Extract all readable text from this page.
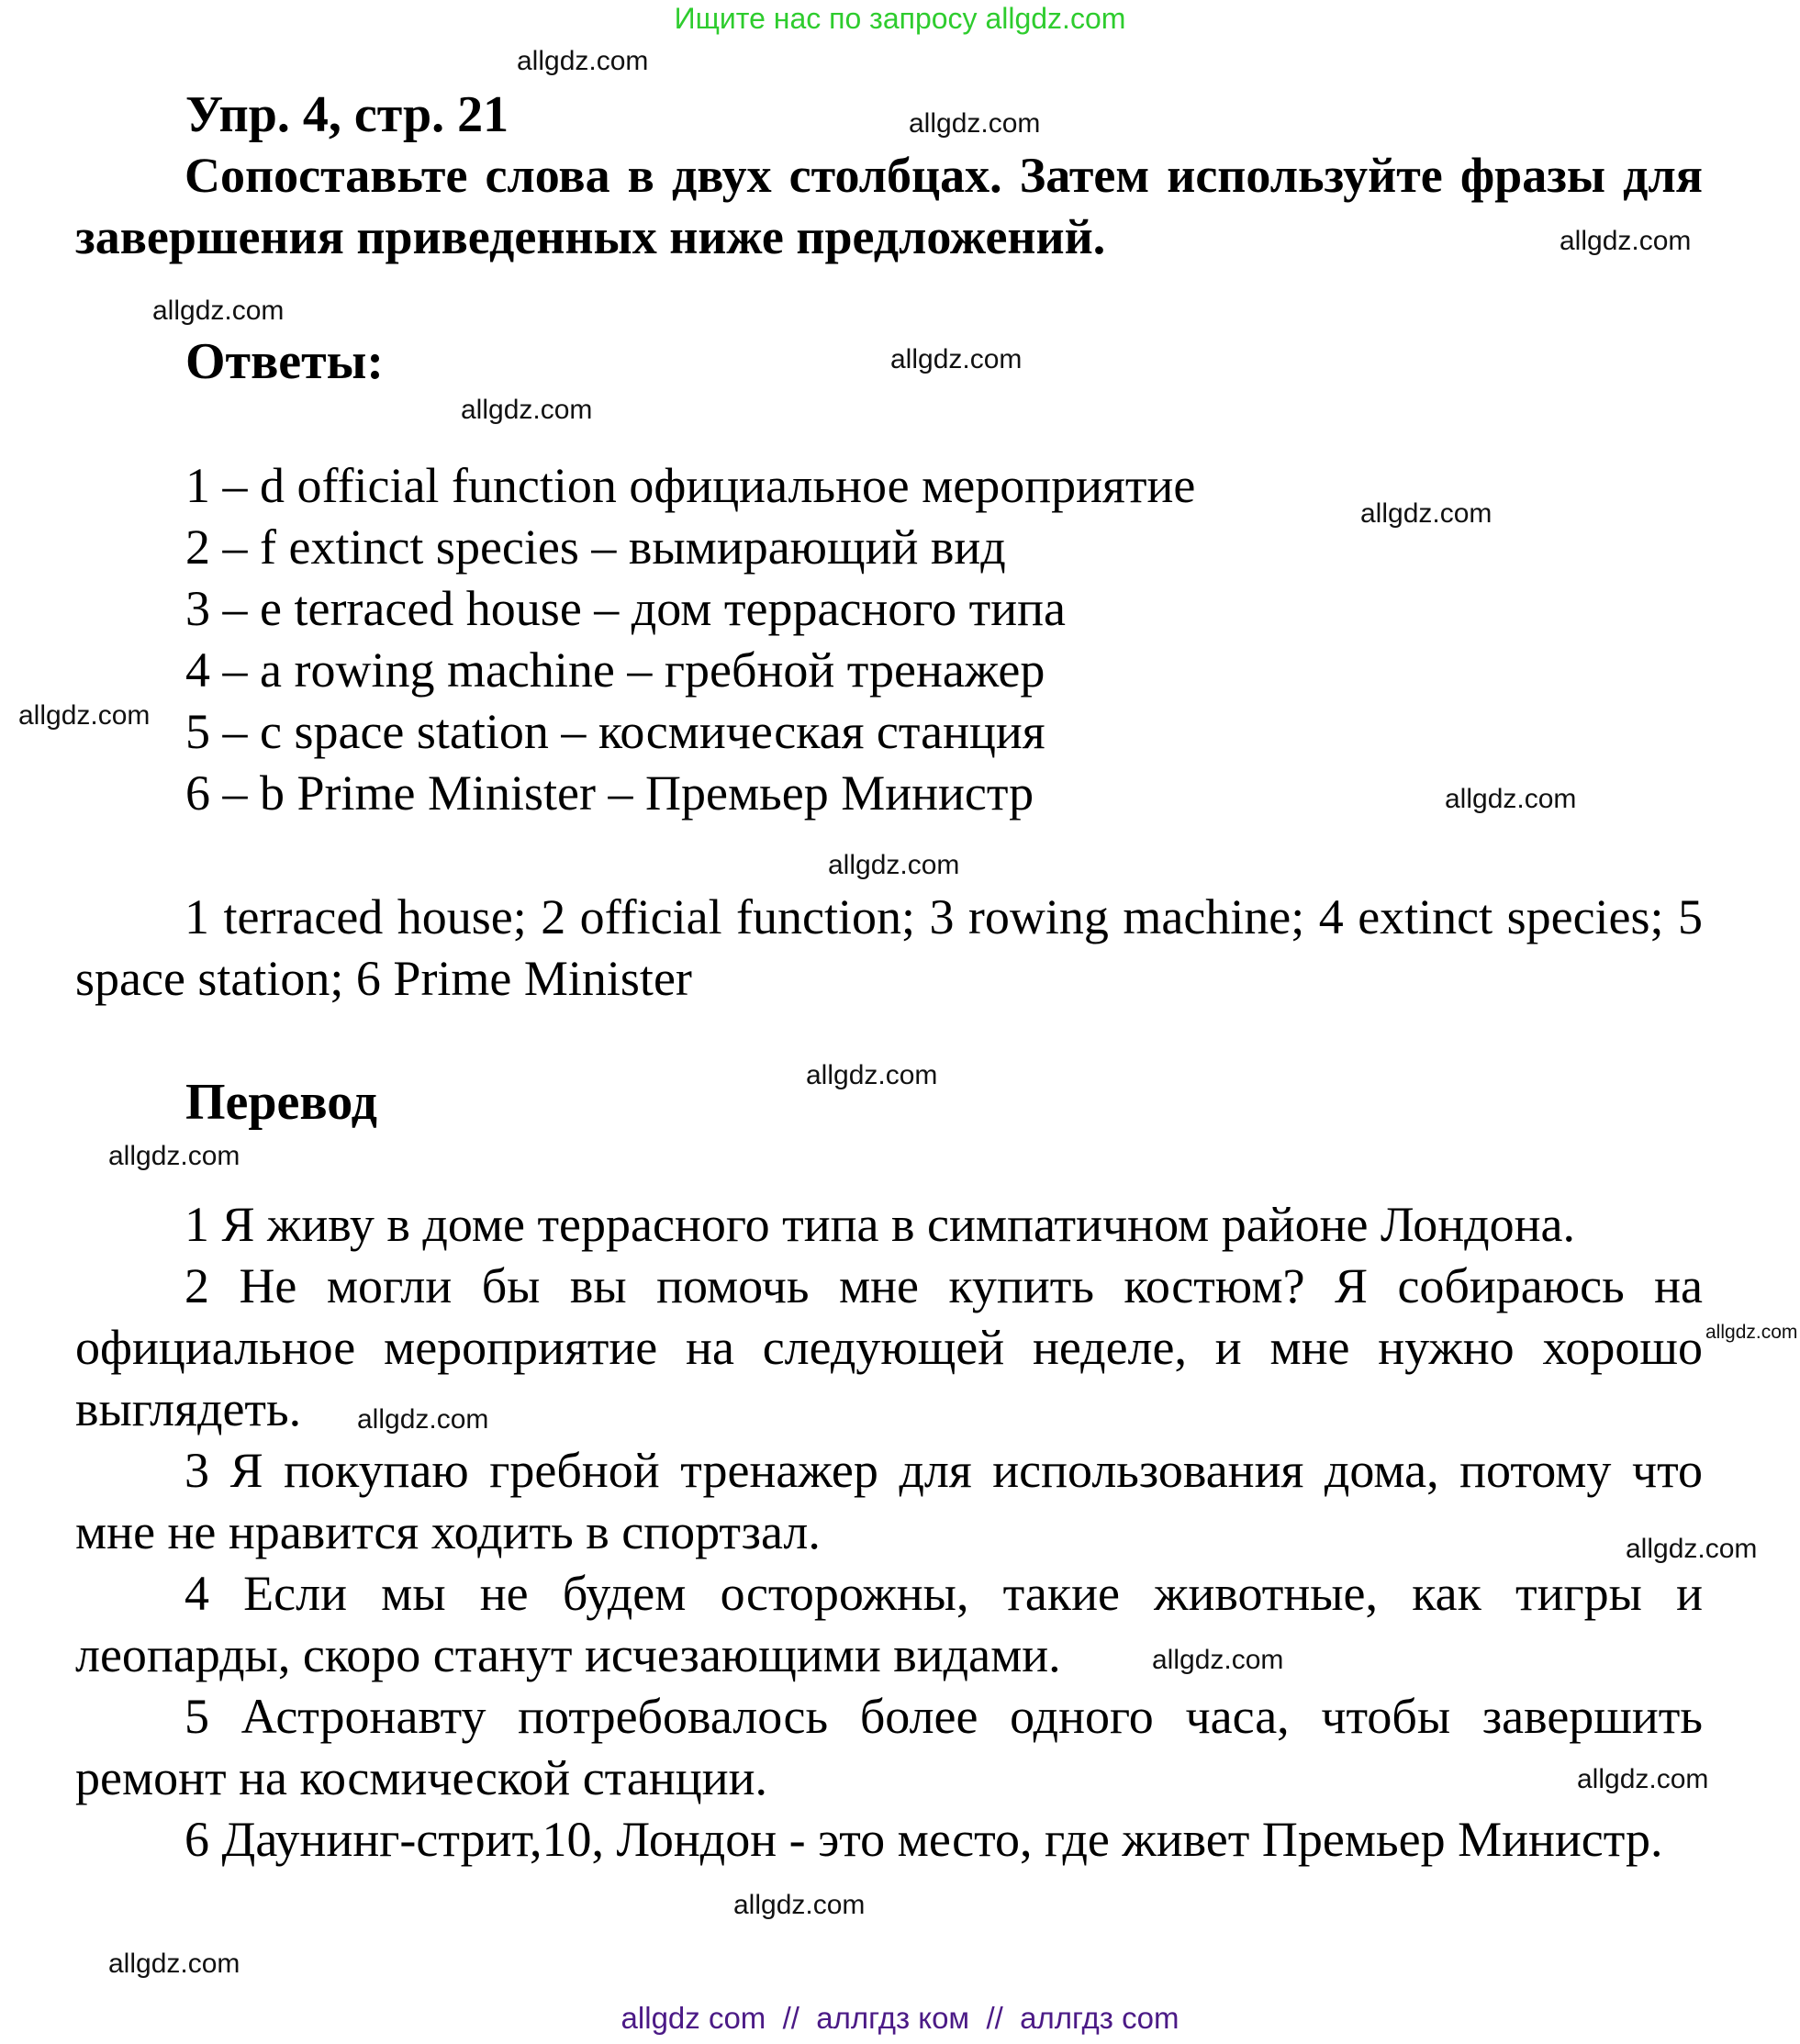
Ищите нас по запросу allgdz.com
Упр. 4, стр. 21

Сопоставьте слова в двух столбцах. Затем используйте фразы для завершения приведенных ниже предложений.

Ответы:
1 – d official function официальное мероприятие
2 – f extinct species – вымирающий вид
3 – e terraced house – дом террасного типа
4 – a rowing machine – гребной тренажер
5 – c space station – космическая станция
6 – b Prime Minister – Премьер Министр

1 terraced house; 2 official function; 3 rowing machine; 4 extinct species; 5 space station; 6 Prime Minister

Перевод

1 Я живу в доме террасного типа в симпатичном районе Лондона.

2 Не могли бы вы помочь мне купить костюм? Я собираюсь на официальное мероприятие на следующей неделе, и мне нужно хорошо выглядеть.

3 Я покупаю гребной тренажер для использования дома, потому что мне не нравится ходить в спортзал.

4 Если мы не будем осторожны, такие животные, как тигры и леопарды, скоро станут исчезающими видами.

5 Астронавту потребовалось более одного часа, чтобы завершить ремонт на космической станции.

6 Даунинг-стрит,10, Лондон - это место, где живет Премьер Министр.

allgdz.com
allgdz.com
allgdz.com
allgdz.com
allgdz.com
allgdz.com
allgdz.com
allgdz.com
allgdz.com
allgdz.com
allgdz.com
allgdz.com
allgdz.com
allgdz.com
allgdz.com
allgdz.com
allgdz.com
allgdz.com
allgdz.com
allgdz com  //  аллгдз ком  //  аллгдз com
